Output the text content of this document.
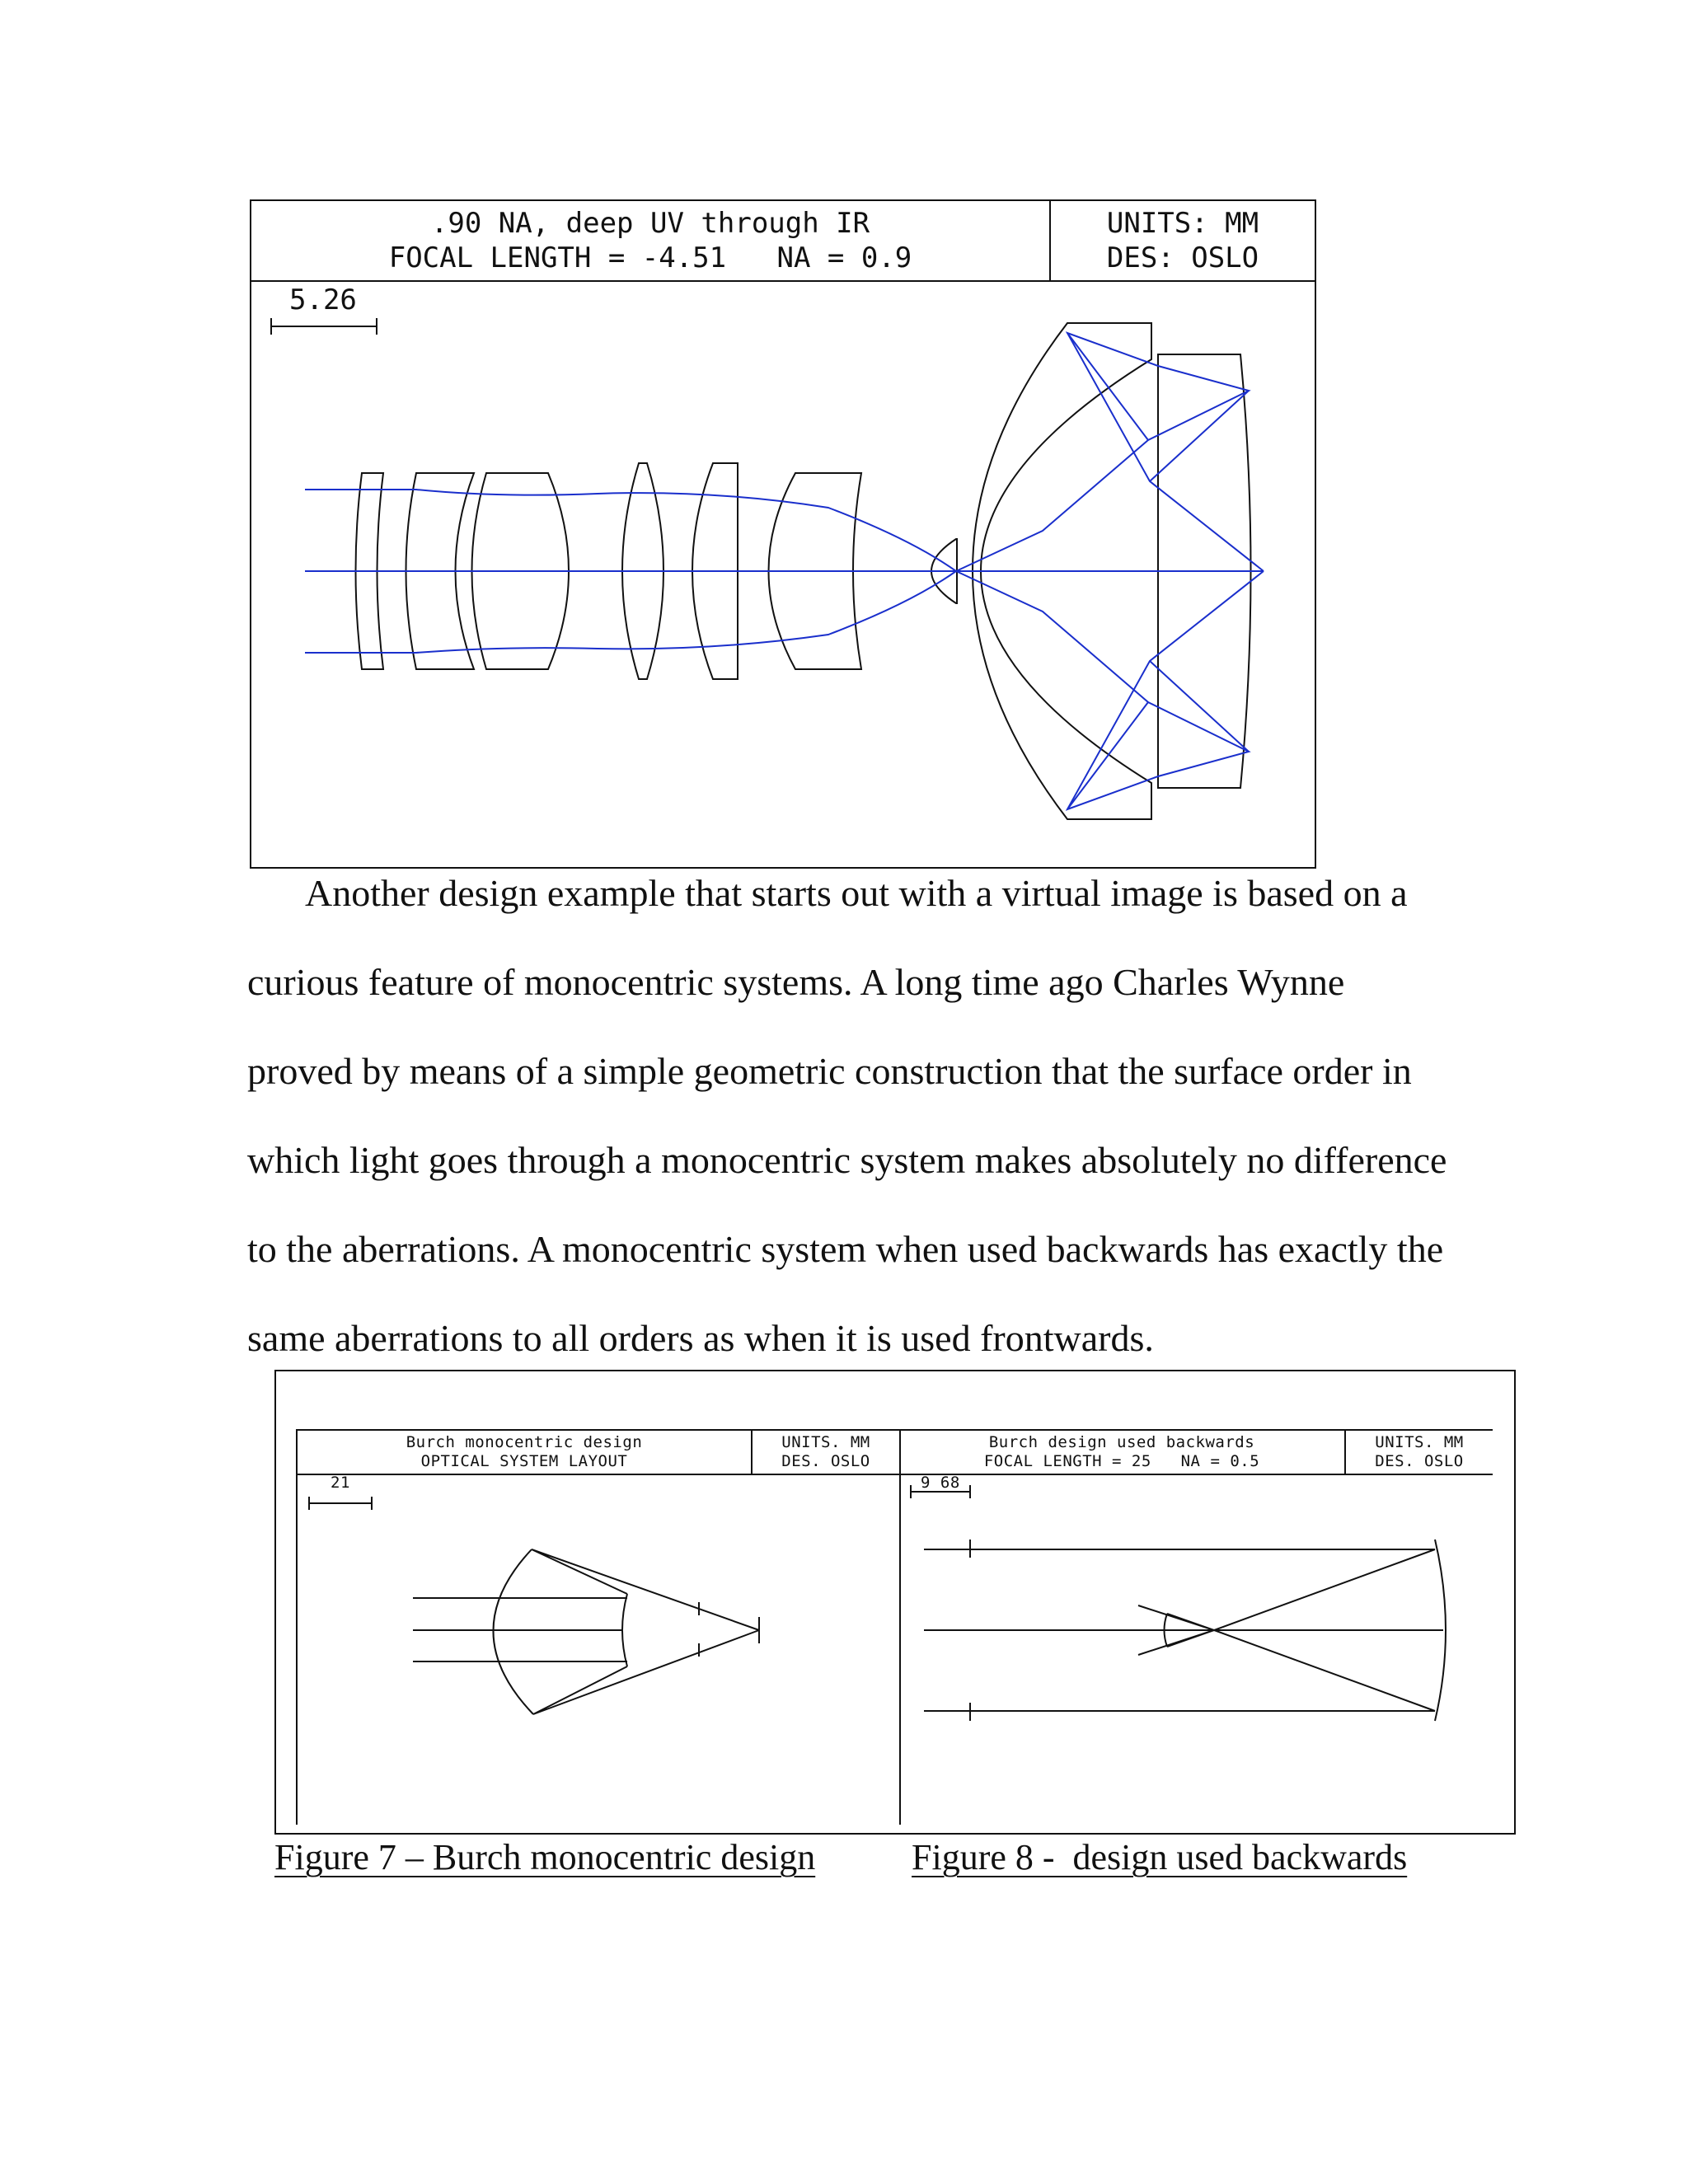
.90 NA, deep UV through IR
FOCAL LENGTH = -4.51   NA = 0.9
UNITS: MM
DES: OSLO
5.26

Another design example that starts out with a virtual image is based on a curious feature of monocentric systems. A long time ago Charles Wynne proved by means of a simple geometric construction that the surface order in which light goes through a monocentric system makes absolutely no difference to the aberrations. A monocentric system when used backwards has exactly the same aberrations to all orders as when it is used frontwards.

Burch monocentric design
OPTICAL SYSTEM LAYOUT
UNITS. MM
DES. OSLO
21
Burch design used backwards
FOCAL LENGTH = 25   NA = 0.5
UNITS. MM
DES. OSLO
9 68
Figure 7 – Burch monocentric design	Figure 8 -  design used backwards
